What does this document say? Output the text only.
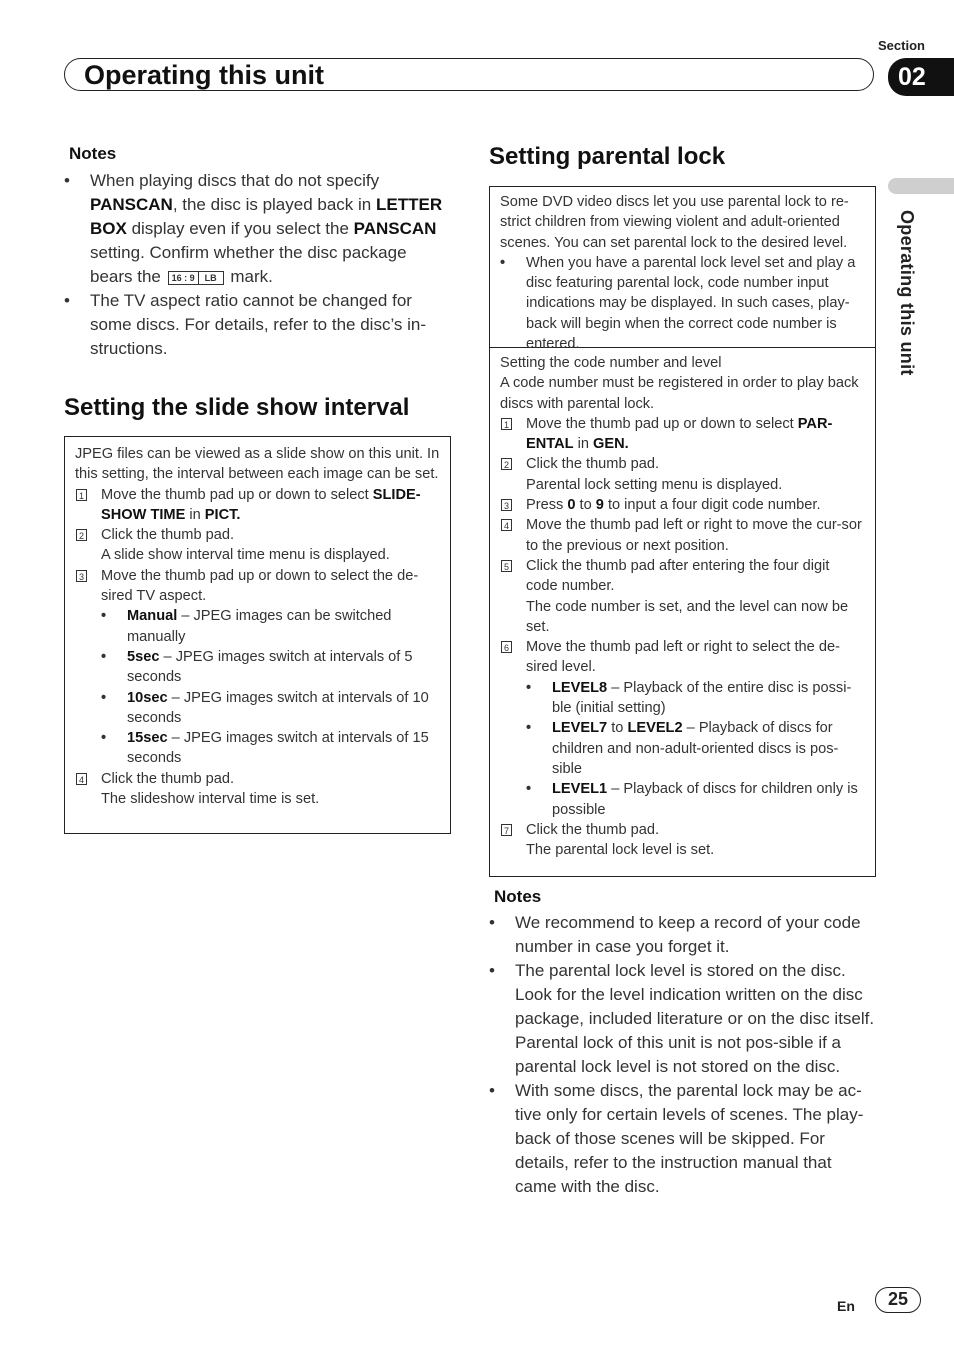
Operating this unit
Section
02
Operating this unit
Notes
• When playing discs that do not specify PANSCAN, the disc is played back in LETTER BOX display even if you select the PANSCAN setting. Confirm whether the disc package bears the 16 : 9 LB mark.
• The TV aspect ratio cannot be changed for some discs. For details, refer to the disc’s in-structions.
Setting the slide show interval
JPEG files can be viewed as a slide show on this unit. In this setting, the interval between each image can be set.
1 Move the thumb pad up or down to select SLIDE-SHOW TIME in PICT.
2 Click the thumb pad.
A slide show interval time menu is displayed.
3 Move the thumb pad up or down to select the de-sired TV aspect.
• Manual – JPEG images can be switched manually
• 5sec – JPEG images switch at intervals of 5 seconds
• 10sec – JPEG images switch at intervals of 10 seconds
• 15sec – JPEG images switch at intervals of 15 seconds
4 Click the thumb pad.
The slideshow interval time is set.
Setting parental lock
Some DVD video discs let you use parental lock to re-strict children from viewing violent and adult-oriented scenes. You can set parental lock to the desired level.
• When you have a parental lock level set and play a disc featuring parental lock, code number input indications may be displayed. In such cases, play-back will begin when the correct code number is entered.
Setting the code number and level
A code number must be registered in order to play back discs with parental lock.
1 Move the thumb pad up or down to select PAR-ENTAL in GEN.
2 Click the thumb pad.
Parental lock setting menu is displayed.
3 Press 0 to 9 to input a four digit code number.
4 Move the thumb pad left or right to move the cur-sor to the previous or next position.
5 Click the thumb pad after entering the four digit code number.
The code number is set, and the level can now be set.
6 Move the thumb pad left or right to select the de-sired level.
• LEVEL8 – Playback of the entire disc is possi-ble (initial setting)
• LEVEL7 to LEVEL2 – Playback of discs for children and non-adult-oriented discs is pos-sible
• LEVEL1 – Playback of discs for children only is possible
7 Click the thumb pad.
The parental lock level is set.
Notes
• We recommend to keep a record of your code number in case you forget it.
• The parental lock level is stored on the disc. Look for the level indication written on the disc package, included literature or on the disc itself. Parental lock of this unit is not pos-sible if a parental lock level is not stored on the disc.
• With some discs, the parental lock may be ac-tive only for certain levels of scenes. The play-back of those scenes will be skipped. For details, refer to the instruction manual that came with the disc.
En	25
